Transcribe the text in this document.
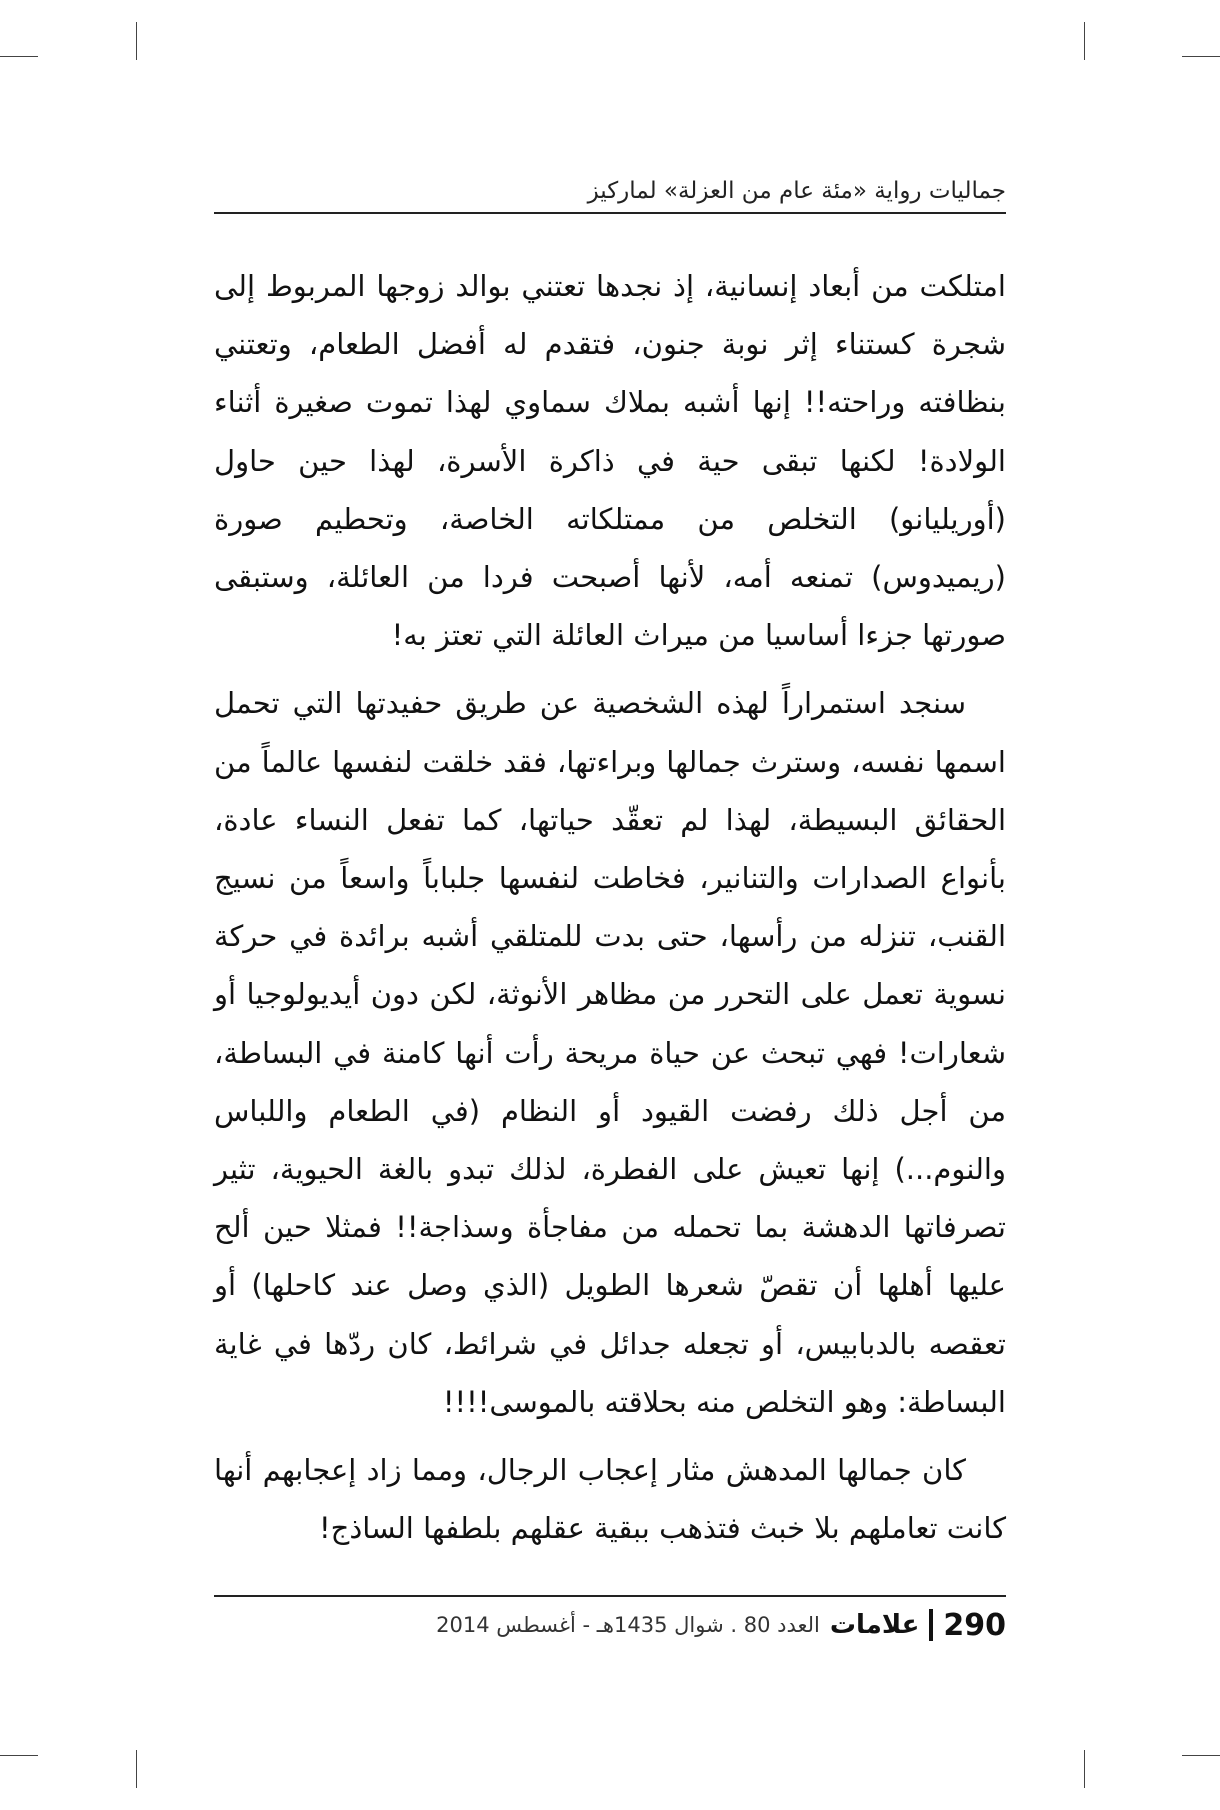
جماليات رواية «مئة عام من العزلة» لماركيز

امتلكت من أبعاد إنسانية، إذ نجدها تعتني بوالد زوجها المربوط إلى شجرة كستناء إثر نوبة جنون، فتقدم له أفضل الطعام، وتعتني بنظافته وراحته!! إنها أشبه بملاك سماوي لهذا تموت صغيرة أثناء الولادة! لكنها تبقى حية في ذاكرة الأسرة، لهذا حين حاول (أوريليانو) التخلص من ممتلكاته الخاصة، وتحطيم صورة (ريميدوس) تمنعه أمه، لأنها أصبحت فردا من العائلة، وستبقى صورتها جزءا أساسيا من ميراث العائلة التي تعتز به!

سنجد استمراراً لهذه الشخصية عن طريق حفيدتها التي تحمل اسمها نفسه، وسترث جمالها وبراءتها، فقد خلقت لنفسها عالماً من الحقائق البسيطة، لهذا لم تعقّد حياتها، كما تفعل النساء عادة، بأنواع الصدارات والتنانير، فخاطت لنفسها جلباباً واسعاً من نسيج القنب، تنزله من رأسها، حتى بدت للمتلقي أشبه برائدة في حركة نسوية تعمل على التحرر من مظاهر الأنوثة، لكن دون أيديولوجيا أو شعارات! فهي تبحث عن حياة مريحة رأت أنها كامنة في البساطة، من أجل ذلك رفضت القيود أو النظام (في الطعام واللباس والنوم...) إنها تعيش على الفطرة، لذلك تبدو بالغة الحيوية، تثير تصرفاتها الدهشة بما تحمله من مفاجأة وسذاجة!! فمثلا حين ألح عليها أهلها أن تقصّ شعرها الطويل (الذي وصل عند كاحلها) أو تعقصه بالدبابيس، أو تجعله جدائل في شرائط، كان ردّها في غاية البساطة: وهو التخلص منه بحلاقته بالموسى!!!!

كان جمالها المدهش مثار إعجاب الرجال، ومما زاد إعجابهم أنها كانت تعاملهم بلا خبث فتذهب ببقية عقلهم بلطفها الساذج!

290
علامات
العدد 80 . شوال 1435هـ - أغسطس 2014
